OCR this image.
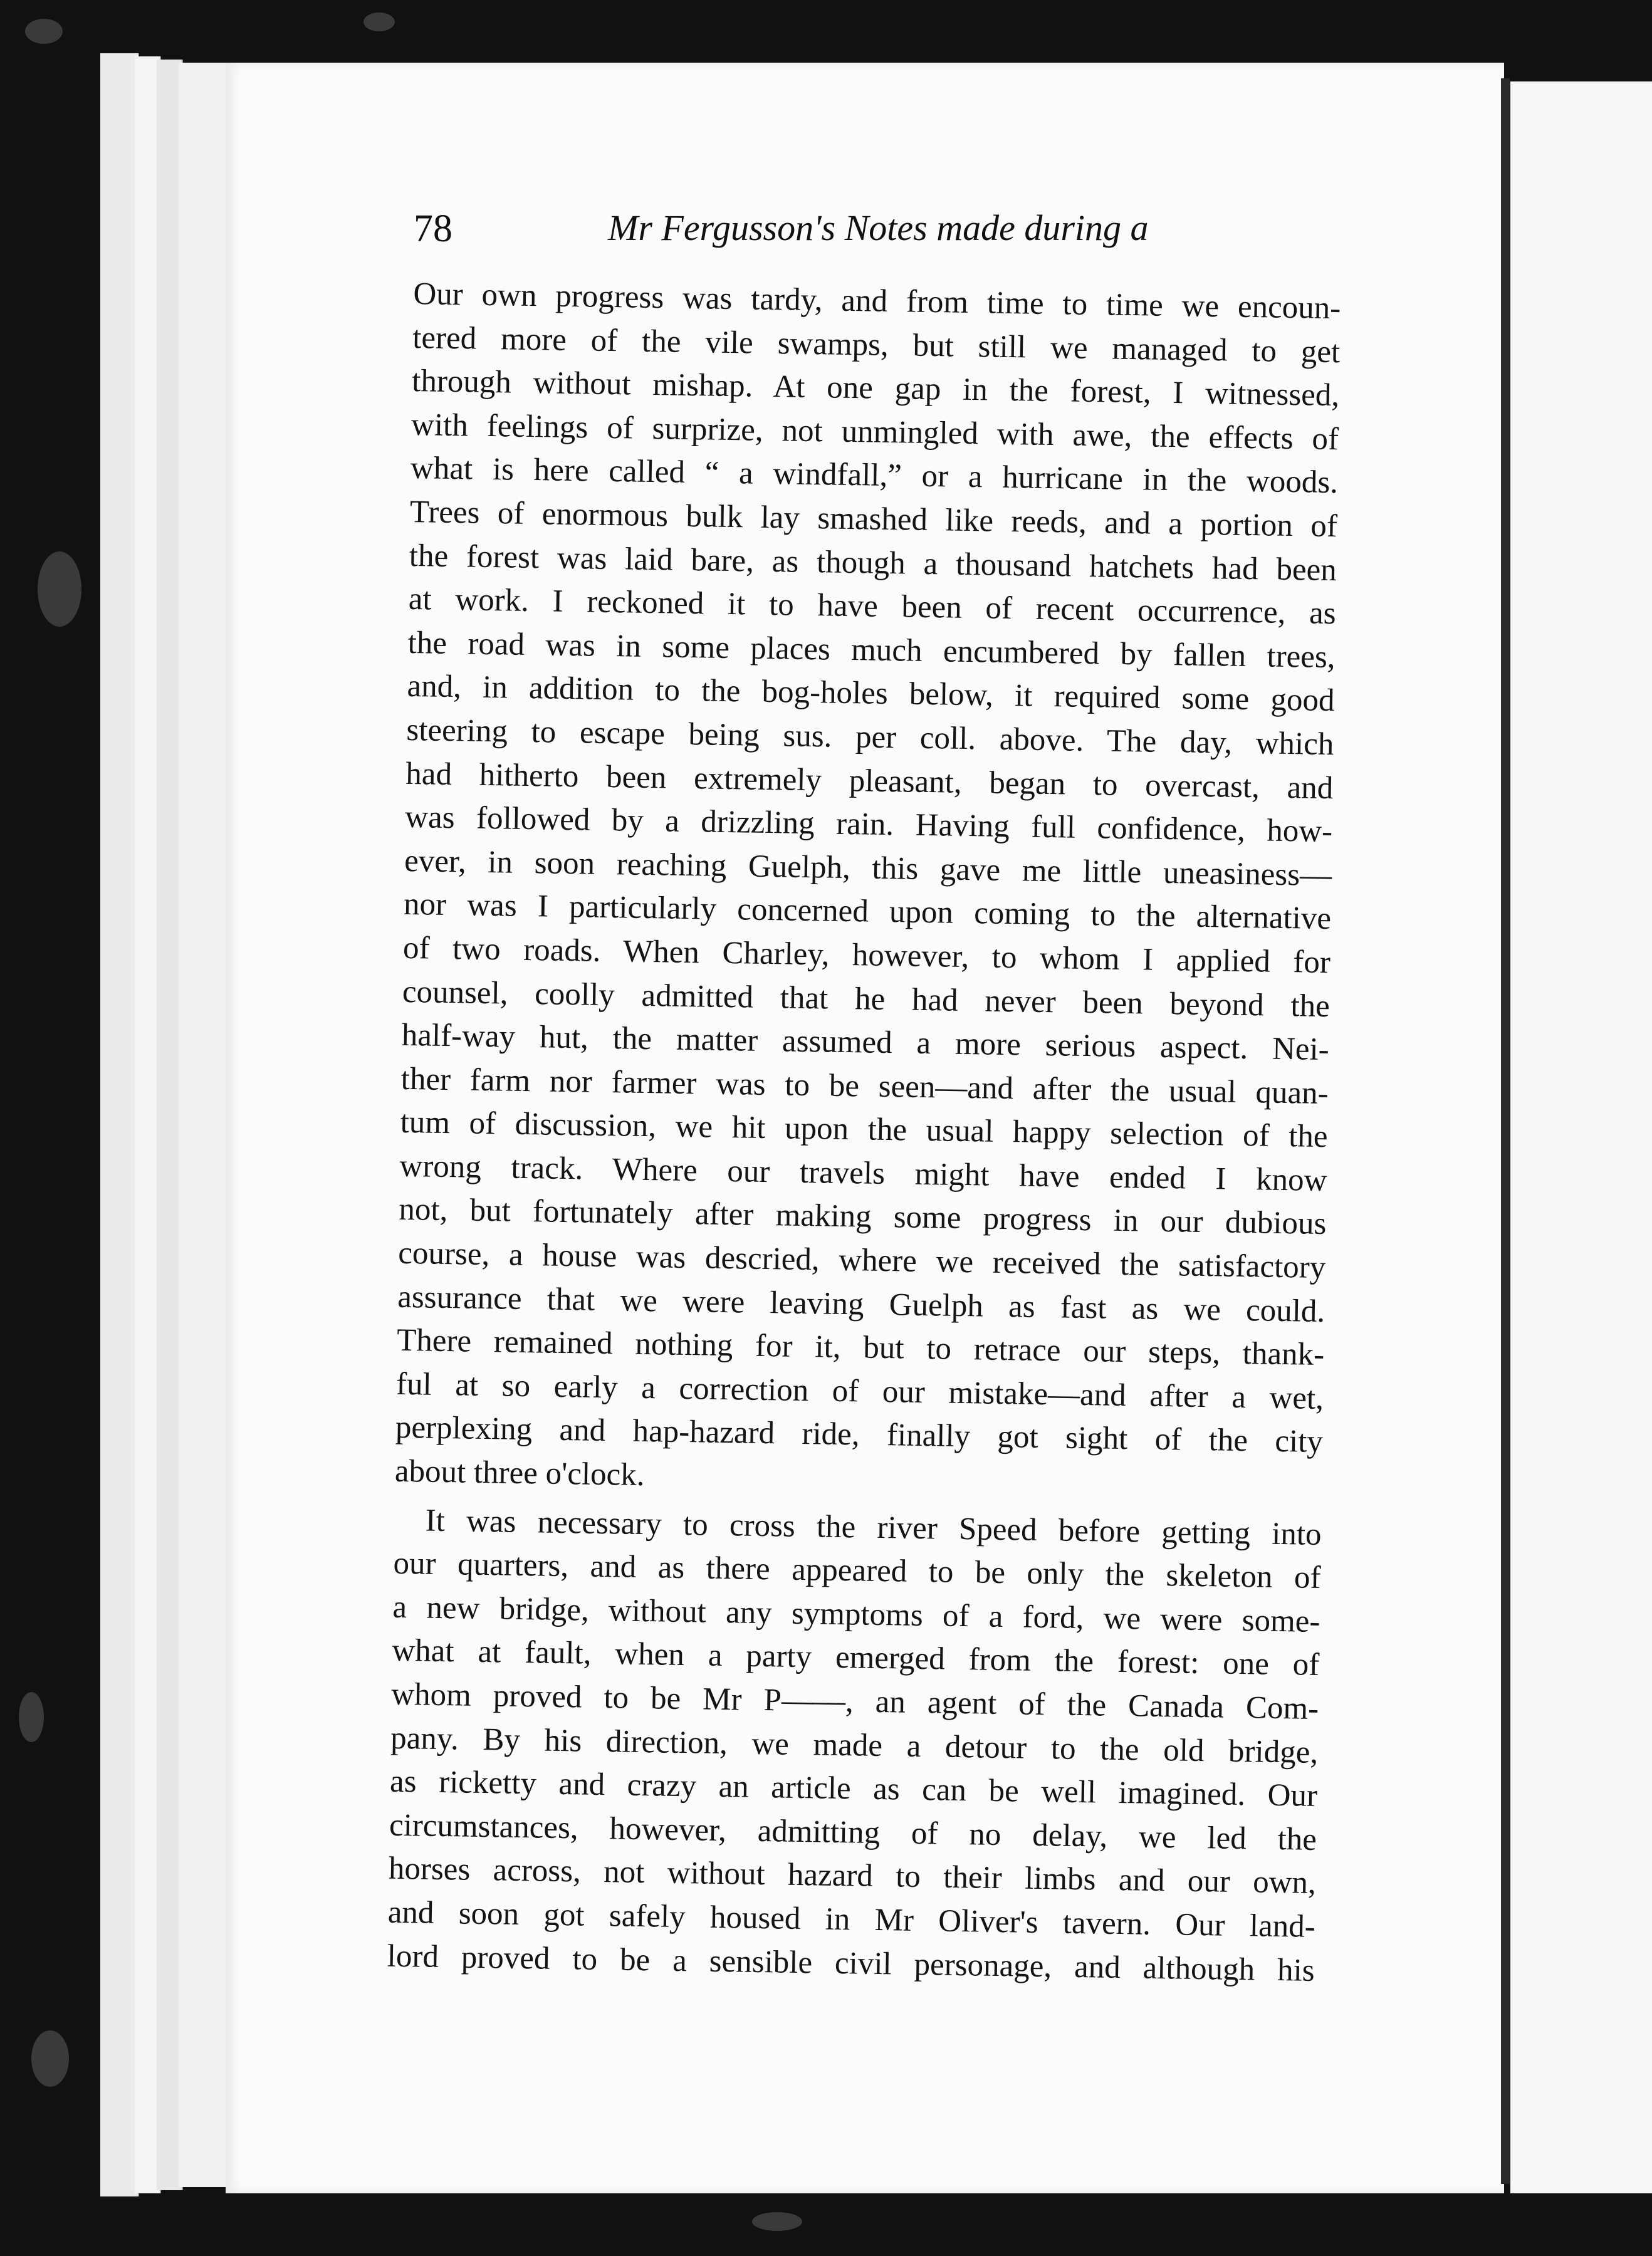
78	Mr Fergusson's Notes made during a
Our own progress was tardy, and from time to time we encoun-
tered more of the vile swamps, but still we managed to get
through without mishap. At one gap in the forest, I witnessed,
with feelings of surprize, not unmingled with awe, the effects of
what is here called “ a windfall,” or a hurricane in the woods.
Trees of enormous bulk lay smashed like reeds, and a portion of
the forest was laid bare, as though a thousand hatchets had been
at work. I reckoned it to have been of recent occurrence, as
the road was in some places much encumbered by fallen trees,
and, in addition to the bog-holes below, it required some good
steering to escape being sus. per coll. above. The day, which
had hitherto been extremely pleasant, began to overcast, and
was followed by a drizzling rain. Having full confidence, how-
ever, in soon reaching Guelph, this gave me little uneasiness—
nor was I particularly concerned upon coming to the alternative
of two roads. When Charley, however, to whom I applied for
counsel, coolly admitted that he had never been beyond the
half-way hut, the matter assumed a more serious aspect. Nei-
ther farm nor farmer was to be seen—and after the usual quan-
tum of discussion, we hit upon the usual happy selection of the
wrong track. Where our travels might have ended I know
not, but fortunately after making some progress in our dubious
course, a house was descried, where we received the satisfactory
assurance that we were leaving Guelph as fast as we could.
There remained nothing for it, but to retrace our steps, thank-
ful at so early a correction of our mistake—and after a wet,
perplexing and hap-hazard ride, finally got sight of the city
about three o'clock.
It was necessary to cross the river Speed before getting into
our quarters, and as there appeared to be only the skeleton of
a new bridge, without any symptoms of a ford, we were some-
what at fault, when a party emerged from the forest: one of
whom proved to be Mr P——, an agent of the Canada Com-
pany. By his direction, we made a detour to the old bridge,
as ricketty and crazy an article as can be well imagined. Our
circumstances, however, admitting of no delay, we led the
horses across, not without hazard to their limbs and our own,
and soon got safely housed in Mr Oliver's tavern. Our land-
lord proved to be a sensible civil personage, and although his
